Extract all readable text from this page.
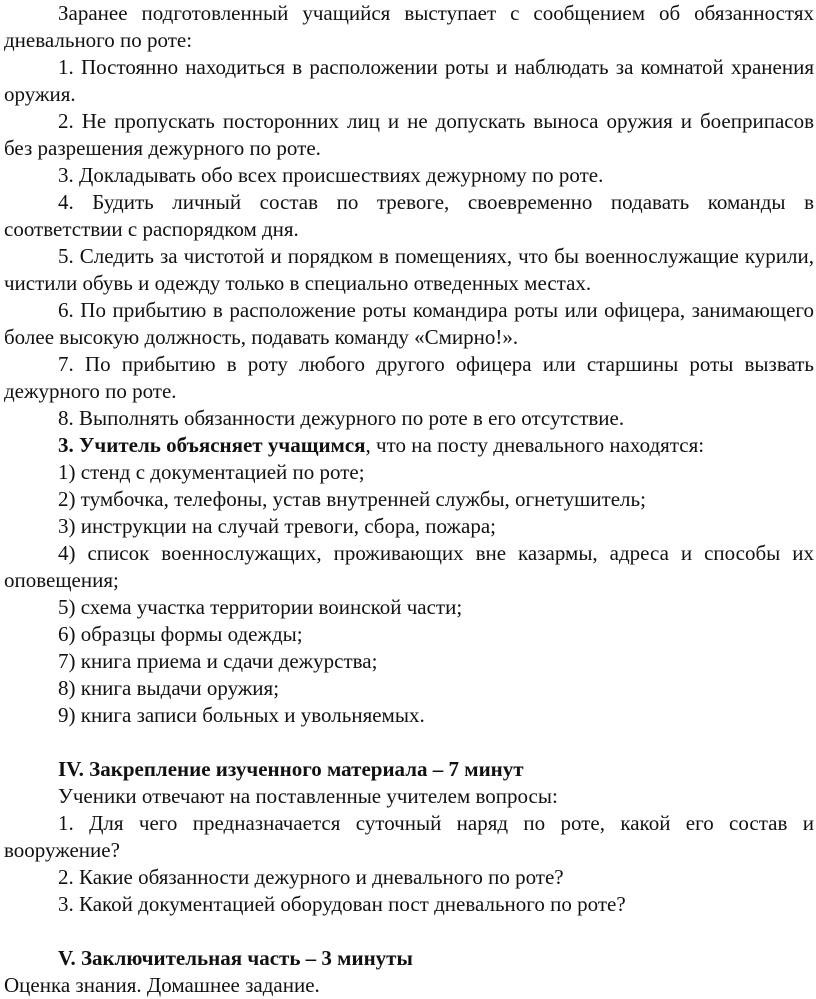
Заранее подготовленный учащийся выступает с сообщением об обязанностях дневального по роте:

1. Постоянно находиться в расположении роты и наблюдать за комнатой хранения оружия.

2. Не пропускать посторонних лиц и не допускать выноса оружия и боеприпасов без разрешения дежурного по роте.

3. Докладывать обо всех происшествиях дежурному по роте.

4. Будить личный состав по тревоге, своевременно подавать команды в соответствии с распорядком дня.

5. Следить за чистотой и порядком в помещениях, что бы военнослужащие курили, чистили обувь и одежду только в специально отведенных местах.

6. По прибытию в расположение роты командира роты или офицера, занимающего более высокую должность, подавать команду «Смирно!».

7. По прибытию в роту любого другого офицера или старшины роты вызвать дежурного по роте.

8. Выполнять обязанности дежурного по роте в его отсутствие.

3. Учитель объясняет учащимся, что на посту дневального находятся:

1) стенд с документацией по роте;

2) тумбочка, телефоны, устав внутренней службы, огнетушитель;

3) инструкции на случай тревоги, сбора, пожара;

4) список военнослужащих, проживающих вне казармы, адреса и способы их оповещения;

5) схема участка территории воинской части;

6) образцы формы одежды;

7) книга приема и сдачи дежурства;

8) книга выдачи оружия;

9) книга записи больных и увольняемых.

IV. Закрепление изученного материала – 7 минут

Ученики отвечают на поставленные учителем вопросы:

1. Для чего предназначается суточный наряд по роте, какой его состав и вооружение?

2. Какие обязанности дежурного и дневального по роте?

3. Какой документацией оборудован пост дневального по роте?

V. Заключительная часть – 3 минуты

Оценка знания. Домашнее задание.
